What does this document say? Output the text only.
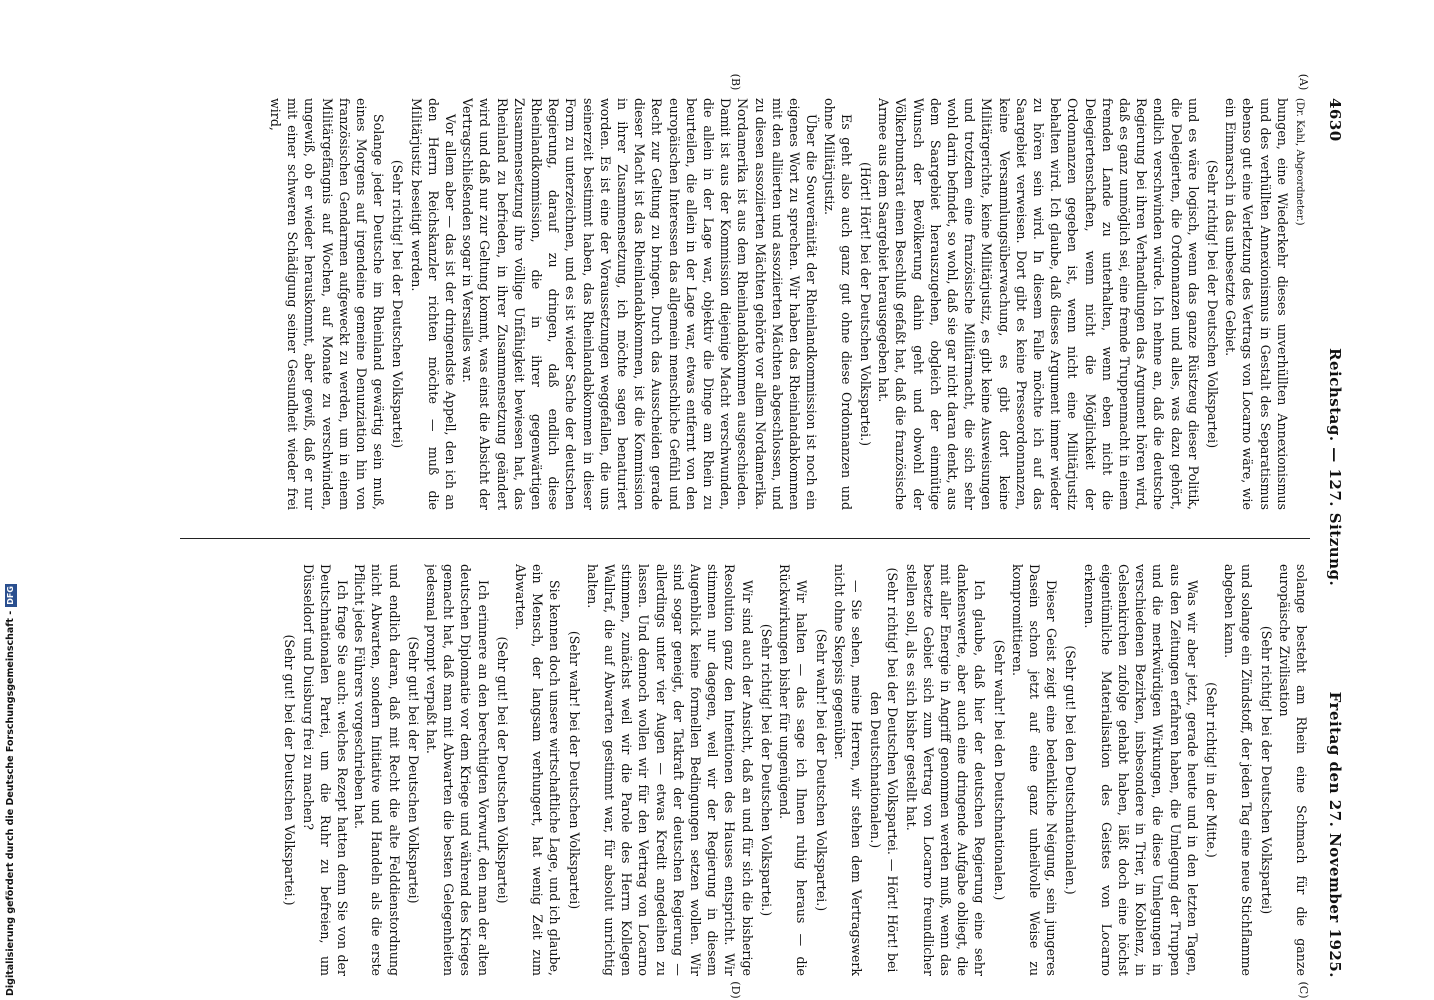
4630
Reichstag. — 127. Sitzung.
Freitag den 27. November 1925.
(A)
(B)
(C)
(D)

(Dr. Kahl, Abgeordneter.)

bungen, eine Wiederkehr dieses unverhüllten Annexionismus und des verhüllten Annexionismus in Gestalt des Separatismus ebenso gut eine Verletzung des Vertrags von Locarno wäre, wie ein Einmarsch in das unbesetzte Gebiet.

(Sehr richtig! bei der Deutschen Volkspartei)

und es wäre logisch, wenn das ganze Rüstzeug dieser Politik, die Delegierten, die Ordonnanzen und alles, was dazu gehört, endlich verschwinden würde. Ich nehme an, daß die deutsche Regierung bei ihren Verhandlungen das Argument hören wird, daß es ganz unmöglich sei, eine fremde Truppenmacht in einem fremden Lande zu unterhalten, wenn eben nicht die Delegiertenschaften, wenn nicht die Möglichkeit der Ordonnanzen gegeben ist, wenn nicht eine Militärjustiz behalten wird. Ich glaube, daß dieses Argument immer wieder zu hören sein wird. In diesem Falle möchte ich auf das Saargebiet verweisen. Dort gibt es keine Presseordonnanzen, keine Versammlungsüberwachung, es gibt dort keine Militärgerichte, keine Militärjustiz, es gibt keine Ausweisungen und trotzdem eine französische Militärmacht, die sich sehr wohl darin befindet, so wohl, daß sie gar nicht daran denkt, aus dem Saargebiet herauszugehen, obgleich der einmütige Wunsch der Bevölkerung dahin geht und obwohl der Völkerbundsrat einen Beschluß gefaßt hat, daß die französische Armee aus dem Saargebiet herausgegeben hat.

(Hört! Hört! bei der Deutschen Volkspartei.)

Es geht also auch ganz gut ohne diese Ordonnanzen und ohne Militärjustiz.

Über die Souveränität der Rheinlandkommission ist noch ein eigenes Wort zu sprechen. Wir haben das Rheinlandabkommen mit den alliierten und assoziierten Mächten abgeschlossen, und zu diesen assoziierten Mächten gehörte vor allem Nordamerika. Nordamerika ist aus dem Rheinlandabkommen ausgeschieden. Damit ist aus der Kommission diejenige Macht verschwunden, die allein in der Lage war, objektiv die Dinge am Rhein zu beurteilen, die allein in der Lage war, etwas entfernt von den europäischen Interessen das allgemein menschliche Gefühl und Recht zur Geltung zu bringen. Durch das Ausscheiden gerade dieser Macht ist das Rheinlandabkommen, ist die Kommission in ihrer Zusammensetzung, ich möchte sagen benaturiert worden. Es ist eine der Voraussetzungen weggefallen, die uns seinerzeit bestimmt haben, das Rheinlandabkommen in dieser Form zu unterzeichnen, und es ist wieder Sache der deutschen Regierung, darauf zu dringen, daß endlich diese Rheinlandkommission, die in ihrer gegenwärtigen Zusammensetzung ihre völlige Unfähigkeit bewiesen hat, das Rheinland zu befrieden, in ihrer Zusammensetzung geändert wird und daß nur zur Geltung kommt, was einst die Absicht der Vertragschließenden sogar in Versailles war.

Vor allem aber — das ist der dringendste Appell, den ich an den Herrn Reichskanzler richten möchte — muß die Militärjustiz beseitigt werden.

(Sehr richtig! bei der Deutschen Volkspartei)

Solange jeder Deutsche im Rheinland gewärtig sein muß, eines Morgens auf irgendeine gemeine Denunziation hin von französischen Gendarmen aufgeweckt zu werden, um in einem Militärgefängnis auf Wochen, auf Monate zu verschwinden, ungewiß, ob er wieder herauskommt, aber gewiß, daß er nur mit einer schweren Schädigung seiner Gesundheit wieder frei wird,

solange besteht am Rhein eine Schmach für die ganze europäische Zivilisation

(Sehr richtig! bei der Deutschen Volkspartei)

und solange ein Zündstoff, der jeden Tag eine neue Stichflamme abgeben kann.

(Sehr richtig! in der Mitte.)

Was wir aber jetzt, gerade heute und in den letzten Tagen, aus den Zeitungen erfahren haben, die Umlegung der Truppen und die merkwürdigen Wirkungen, die diese Umlegungen in verschiedenen Bezirken, insbesondere in Trier, in Koblenz, in Gelsenkirchen zufolge gehabt haben, läßt doch eine höchst eigentümliche Materialisation des Geistes von Locarno erkennen.

(Sehr gut! bei den Deutschnationalen.)

Dieser Geist zeigt eine bedenkliche Neigung, sein jungeres Dasein schon jetzt auf eine ganz unheilvolle Weise zu kompromittieren.

(Sehr wahr! bei den Deutschnationalen.)

Ich glaube, daß hier der deutschen Regierung eine sehr dankenswerte, aber auch eine dringende Aufgabe obliegt, die mit aller Energie in Angriff genommen werden muß, wenn das besetzte Gebiet sich zum Vertrag von Locarno freundlicher stellen soll, als es sich bisher gestellt hat.

(Sehr richtig! bei der Deutschen Volkspartei. — Hört! Hört! bei den Deutschnationalen.)

— Sie sehen, meine Herren, wir stehen dem Vertragswerk nicht ohne Skepsis gegenüber.

(Sehr wahr! bei der Deutschen Volkspartei.)

Wir halten — das sage ich Ihnen ruhig heraus — die Rückwirkungen bisher für ungenügend.

(Sehr richtig! bei der Deutschen Volkspartei.)

Wir sind auch der Ansicht, daß an und für sich die bisherige Resolution ganz den Intentionen des Hauses entspricht. Wir stimmen nur dagegen, weil wir der Regierung in diesem Augenblick keine formellen Bedingungen setzen wollen. Wir sind sogar geneigt, der Tatkraft der deutschen Regierung — allerdings unter vier Augen — etwas Kredit angedeihen zu lassen. Und dennoch wollen wir für den Vertrag von Locarno stimmen, zunächst weil wir die Parole des Herrn Kollegen Wallraf, die auf Abwarten gestimmt war, für absolut unrichtig halten.

(Sehr wahr! bei der Deutschen Volkspartei)

Sie kennen doch unsere wirtschaftliche Lage, und ich glaube, ein Mensch, der langsam verhungert, hat wenig Zeit zum Abwarten.

(Sehr gut! bei der Deutschen Volkspartei)

Ich erinnere an den berechtigten Vorwurf, den man der alten deutschen Diplomatie vor dem Kriege und während des Krieges gemacht hat, daß man mit Abwarten die besten Gelegenheiten jedesmal prompt verpaßt hat.

(Sehr gut! bei der Deutschen Volkspartei)

und endlich daran, daß mit Recht die alte Felddienstordnung nicht Abwarten, sondern Initiative und Handeln als die erste Pflicht jedes Führers vorgeschrieben hat.

Ich frage Sie auch: welches Rezept hatten denn Sie von der Deutschnationalen Partei, um die Ruhr zu befreien, um Düsseldorf und Duisburg frei zu machen?

(Sehr gut! bei der Deutschen Volkspartei.)

Digitalisierung gefördert durch die Deutsche Forschungsgemeinschaft -DFG
